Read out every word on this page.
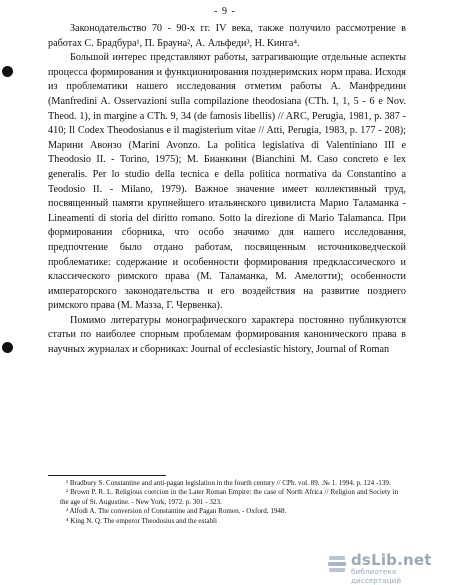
- 9 -

Законодательство 70 - 90-х гг. IV века, также получило рассмотрение в работах С. Брадбура¹, П. Брауна², А. Альфеди³, Н. Кинга⁴.

Большой интерес представляют работы, затрагивающие отдельные аспекты процесса формирования и функционирования позднеримских норм права. Исходя из проблематики нашего исследования отметим работы А. Манфредини (Manfredini A. Osservazioni sulla compilazione theodosiana (CTh. I, 1, 5 - 6 e Nov. Theod. 1), in margine a CTh. 9, 34 (de famosis libellis) // ARC, Perugia, 1981, p. 387 - 410; Il Codex Theodosianus e il magisterium vitae // Atti, Perugia, 1983, p. 177 - 208); Марини Авонзо (Marini Avonzo. La politica legislativa di Valentiniano III e Theodosio II. - Torino, 1975); М. Бианкини (Bianchini M. Caso concreto e lex generalis. Per lo studio della tecnica e della politica normativa da Constantino a Teodosio II. - Milano, 1979). Важное значение имеет коллективный труд, посвященный памяти крупнейшего итальянского цивилиста Марио Таламанка - Lineamenti di storia del diritto romano. Sotto la direzione di Mario Talamanca. При формировании сборника, что особо значимо для нашего исследования, предпочтение было отдано работам, посвященным источниковедческой проблематике: содержание и особенности формирования предклассического и классического римского права (М. Таламанка, М. Амелотти); особенности императорского законодательства и его воздействия на развитие позднего римского права (М. Мазза, Г. Червенка).

Помимо литературы монографического характера постоянно публикуются статьи по наиболее спорным проблемам формирования канонического права в научных журналах и сборниках: Journal of ecclesiastic history, Journal of Roman

¹ Bradbury S. Constantine and anti-pagan legislation in the fourth century // CPh. vol. 89. .№ 1. 1994. p. 124 -139.

² Brown P. R. L. Religious coercion in the Later Roman Empire: the case of North Africa // Religion and Society in the age of St. Augustine. - New York, 1972. p. 301 - 323.

³ Alfodi A. The conversion of Constantine and Pagan Romen. - Oxford, 1948.

⁴ King N. Q. The emperor Theodosius and the establi

dsLib.net
библиотека диссертаций
